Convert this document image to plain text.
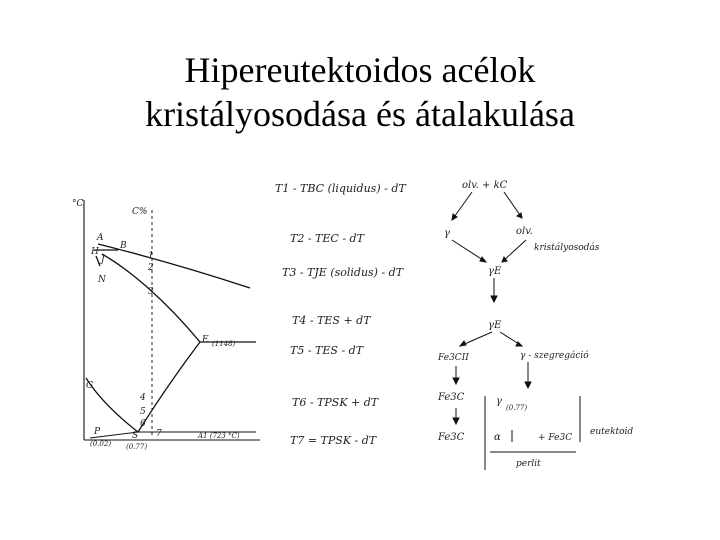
Hipereutektoidos acélok
kristályosodása és átalakulása
°C
C%
A
B
H
J
N
1
2
3
E (1148)
G
4
5
6
7
P
(0.02)
S
(0.77)
A1 (723 °C)
T1 - TBC (liquidus) - dT
T2 - TEC - dT
T3 - TJE (solidus) - dT
T4 - TES + dT
T5 - TES - dT
T6 - TPSK + dT
T7 = TPSK - dT
olv. + kC
γ	olv.
kristályosodás
γE
γE
Fe3CII	γ - szegregáció
Fe3C	γ
(0.77)
Fe3C	α	+ Fe3C
eutektoid
perlit
